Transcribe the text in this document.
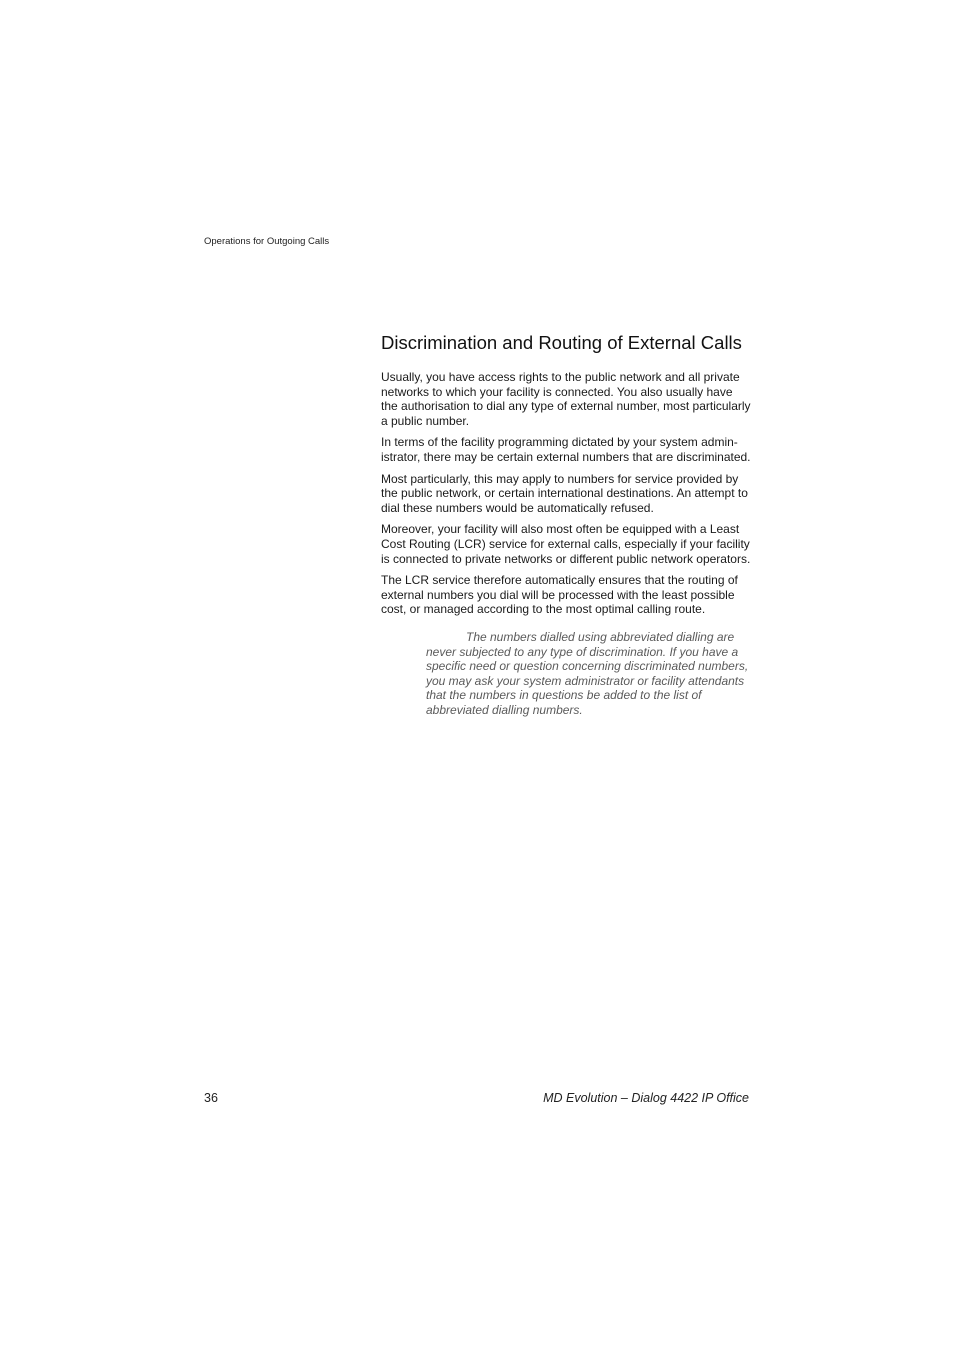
Operations for Outgoing Calls
Discrimination and Routing of External Calls

Usually, you have access rights to the public network and all private networks to which your facility is connected. You also usually have the authorisation to dial any type of external number, most particularly a public number.

In terms of the facility programming dictated by your system admin-istrator, there may be certain external numbers that are discriminated.

Most particularly, this may apply to numbers for service provided by the public network, or certain international destinations. An attempt to dial these numbers would be automatically refused.

Moreover, your facility will also most often be equipped with a Least Cost Routing (LCR) service for external calls, especially if your facility is connected to private networks or different public network operators.

The LCR service therefore automatically ensures that the routing of external numbers you dial will be processed with the least possible cost, or managed according to the most optimal calling route.

The numbers dialled using abbreviated dialling are never subjected to any type of discrimination. If you have a specific need or question concerning discriminated numbers, you may ask your system administrator or facility attendants that the numbers in questions be added to the list of abbreviated dialling numbers.

36	MD Evolution – Dialog 4422 IP Office
